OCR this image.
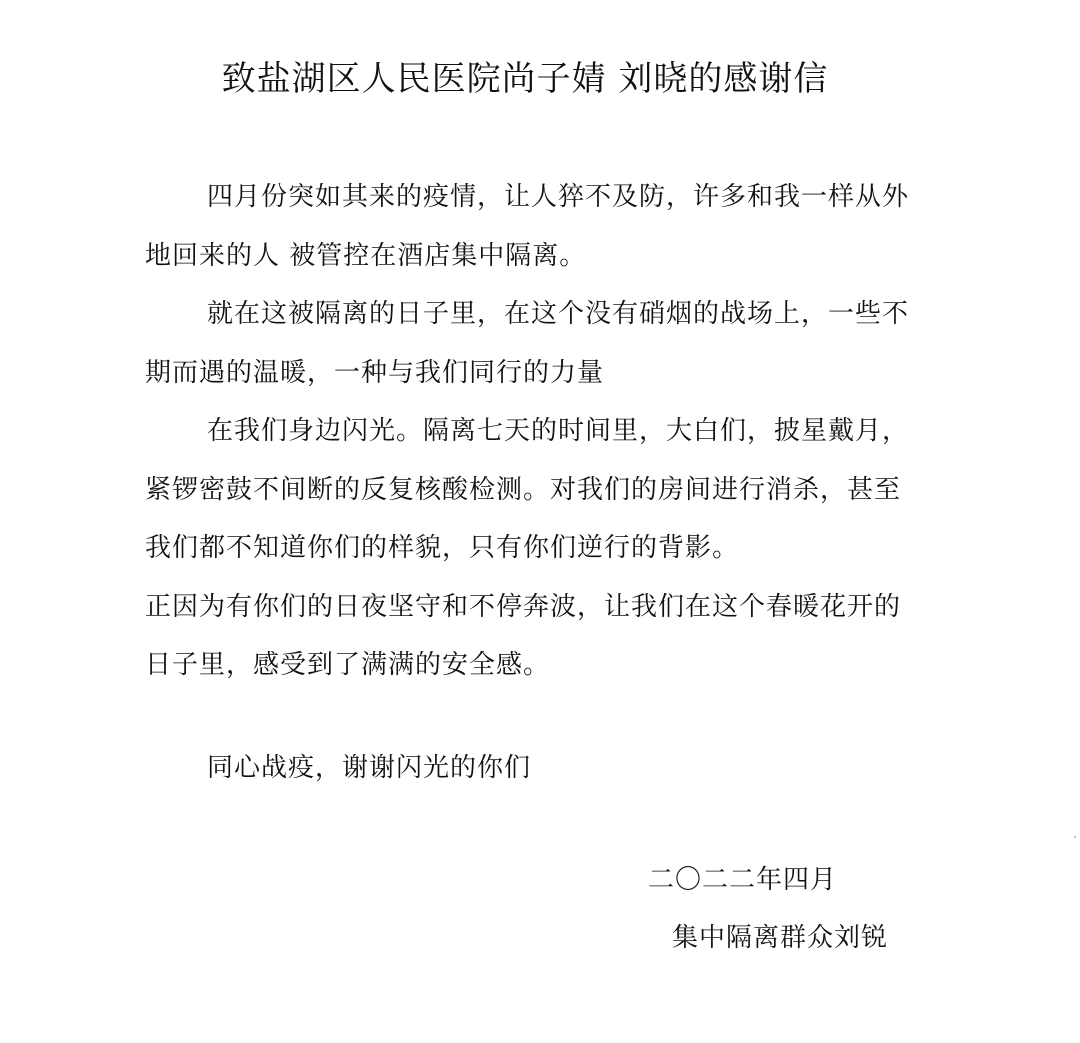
致盐湖区人民医院尚子婧 刘晓的感谢信

四月份突如其来的疫情，让人猝不及防，许多和我一样从外地回来的人 被管控在酒店集中隔离。

就在这被隔离的日子里，在这个没有硝烟的战场上，一些不期而遇的温暖，一种与我们同行的力量

在我们身边闪光。隔离七天的时间里，大白们，披星戴月，紧锣密鼓不间断的反复核酸检测。对我们的房间进行消杀，甚至我们都不知道你们的样貌，只有你们逆行的背影。

正因为有你们的日夜坚守和不停奔波，让我们在这个春暖花开的日子里，感受到了满满的安全感。

同心战疫，谢谢闪光的你们
二〇二二年四月
集中隔离群众刘锐
